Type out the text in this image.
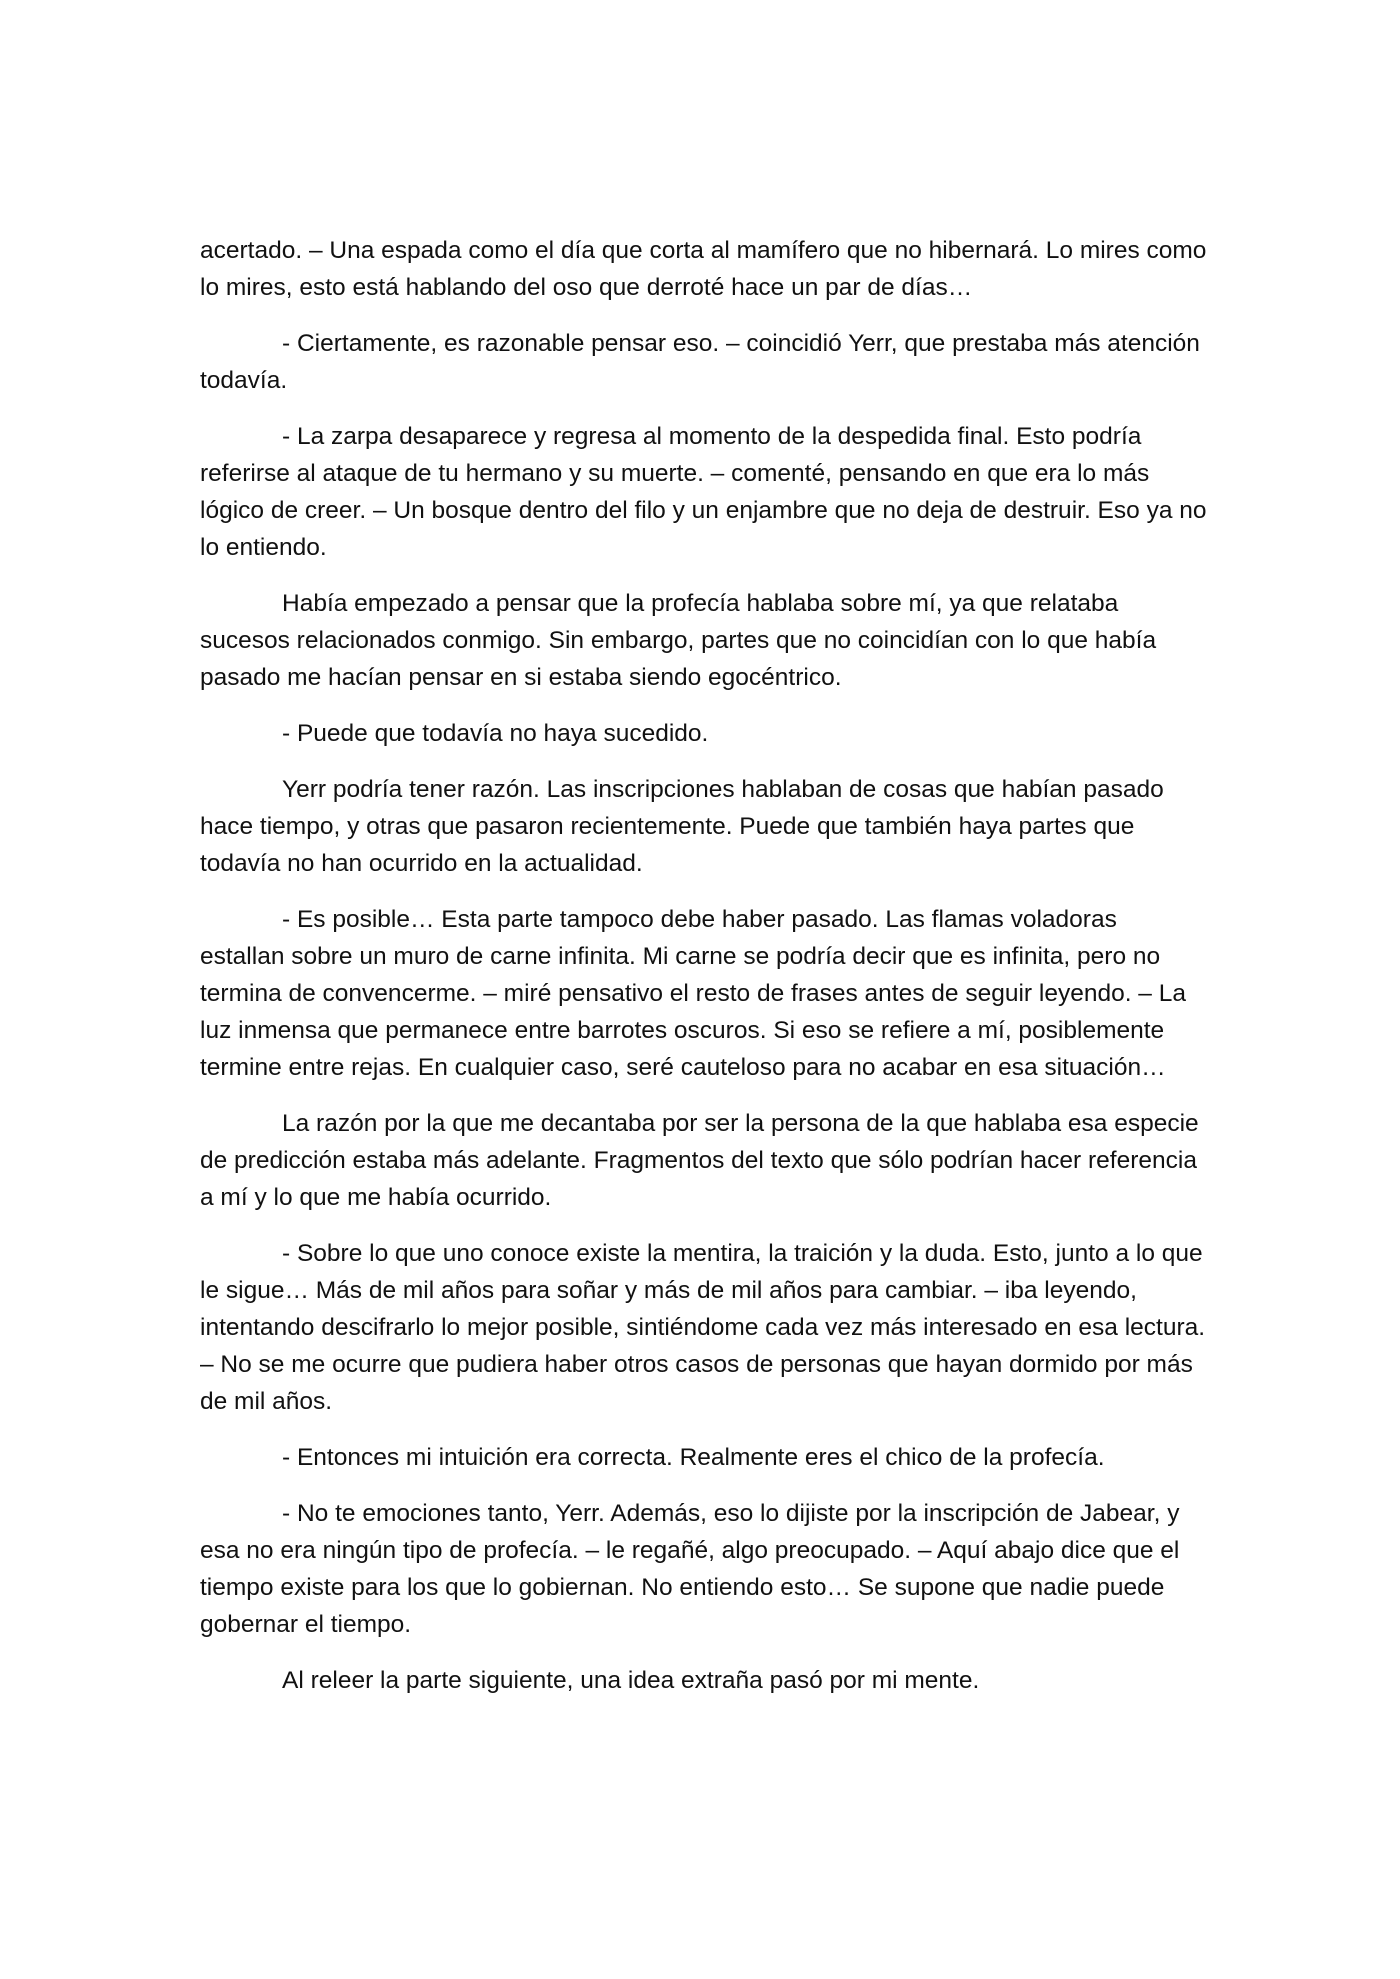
acertado. – Una espada como el día que corta al mamífero que no hibernará. Lo mires como lo mires, esto está hablando del oso que derroté hace un par de días…

- Ciertamente, es razonable pensar eso. – coincidió Yerr, que prestaba más atención todavía.

- La zarpa desaparece y regresa al momento de la despedida final. Esto podría referirse al ataque de tu hermano y su muerte. – comenté, pensando en que era lo más lógico de creer. – Un bosque dentro del filo y un enjambre que no deja de destruir. Eso ya no lo entiendo.

Había empezado a pensar que la profecía hablaba sobre mí, ya que relataba sucesos relacionados conmigo. Sin embargo, partes que no coincidían con lo que había pasado me hacían pensar en si estaba siendo egocéntrico.

- Puede que todavía no haya sucedido.

Yerr podría tener razón. Las inscripciones hablaban de cosas que habían pasado hace tiempo, y otras que pasaron recientemente. Puede que también haya partes que todavía no han ocurrido en la actualidad.

- Es posible… Esta parte tampoco debe haber pasado. Las flamas voladoras estallan sobre un muro de carne infinita. Mi carne se podría decir que es infinita, pero no termina de convencerme. – miré pensativo el resto de frases antes de seguir leyendo. – La luz inmensa que permanece entre barrotes oscuros. Si eso se refiere a mí, posiblemente termine entre rejas. En cualquier caso, seré cauteloso para no acabar en esa situación…

La razón por la que me decantaba por ser la persona de la que hablaba esa especie de predicción estaba más adelante. Fragmentos del texto que sólo podrían hacer referencia a mí y lo que me había ocurrido.

- Sobre lo que uno conoce existe la mentira, la traición y la duda. Esto, junto a lo que le sigue… Más de mil años para soñar y más de mil años para cambiar. – iba leyendo, intentando descifrarlo lo mejor posible, sintiéndome cada vez más interesado en esa lectura. – No se me ocurre que pudiera haber otros casos de personas que hayan dormido por más de mil años.

- Entonces mi intuición era correcta. Realmente eres el chico de la profecía.

- No te emociones tanto, Yerr. Además, eso lo dijiste por la inscripción de Jabear, y esa no era ningún tipo de profecía. – le regañé, algo preocupado. – Aquí abajo dice que el tiempo existe para los que lo gobiernan. No entiendo esto… Se supone que nadie puede gobernar el tiempo.

Al releer la parte siguiente, una idea extraña pasó por mi mente.
